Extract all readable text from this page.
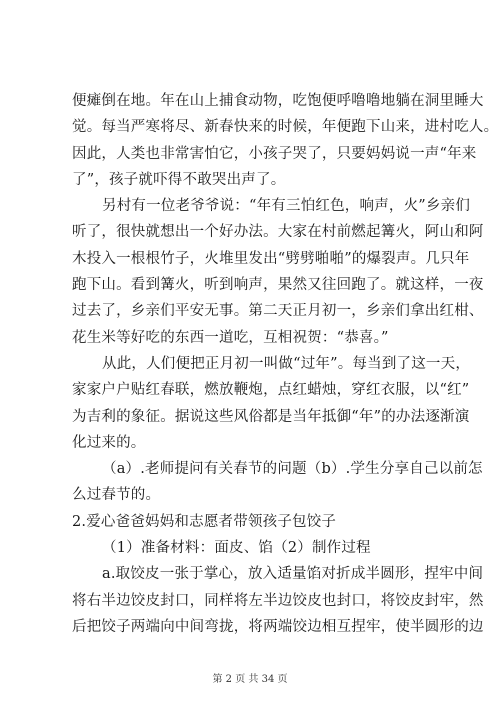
便瘫倒在地。年在山上捕食动物，吃饱便呼噜噜地躺在洞里睡大
觉。每当严寒将尽、新春快来的时候，年便跑下山来，进村吃人。
因此，人类也非常害怕它，小孩子哭了，只要妈妈说一声“年来
了”，孩子就吓得不敢哭出声了。
另村有一位老爷爷说：“年有三怕红色，响声，火”乡亲们
听了，很快就想出一个好办法。大家在村前燃起篝火，阿山和阿
木投入一根根竹子，火堆里发出“劈劈啪啪”的爆裂声。几只年
跑下山。看到篝火，听到响声，果然又往回跑了。就这样，一夜
过去了，乡亲们平安无事。第二天正月初一，乡亲们拿出红柑、
花生米等好吃的东西一道吃，互相祝贺：“恭喜。”
从此，人们便把正月初一叫做“过年”。每当到了这一天，
家家户户贴红春联，燃放鞭炮，点红蜡烛，穿红衣服，以“红”
为吉利的象征。据说这些风俗都是当年抵御“年”的办法逐渐演
化过来的。
（a）.老师提问有关春节的问题（b）.学生分享自己以前怎
么过春节的。
2.爱心爸爸妈妈和志愿者带领孩子包饺子
（1）准备材料：面皮、馅（2）制作过程
a.取饺皮一张于掌心，放入适量馅对折成半圆形，捏牢中间
将右半边饺皮封口，同样将左半边饺皮也封口，将饺皮封牢，然
后把饺子两端向中间弯拢，将两端饺边相互捏牢，使半圆形的边
第 2 页 共 34 页
